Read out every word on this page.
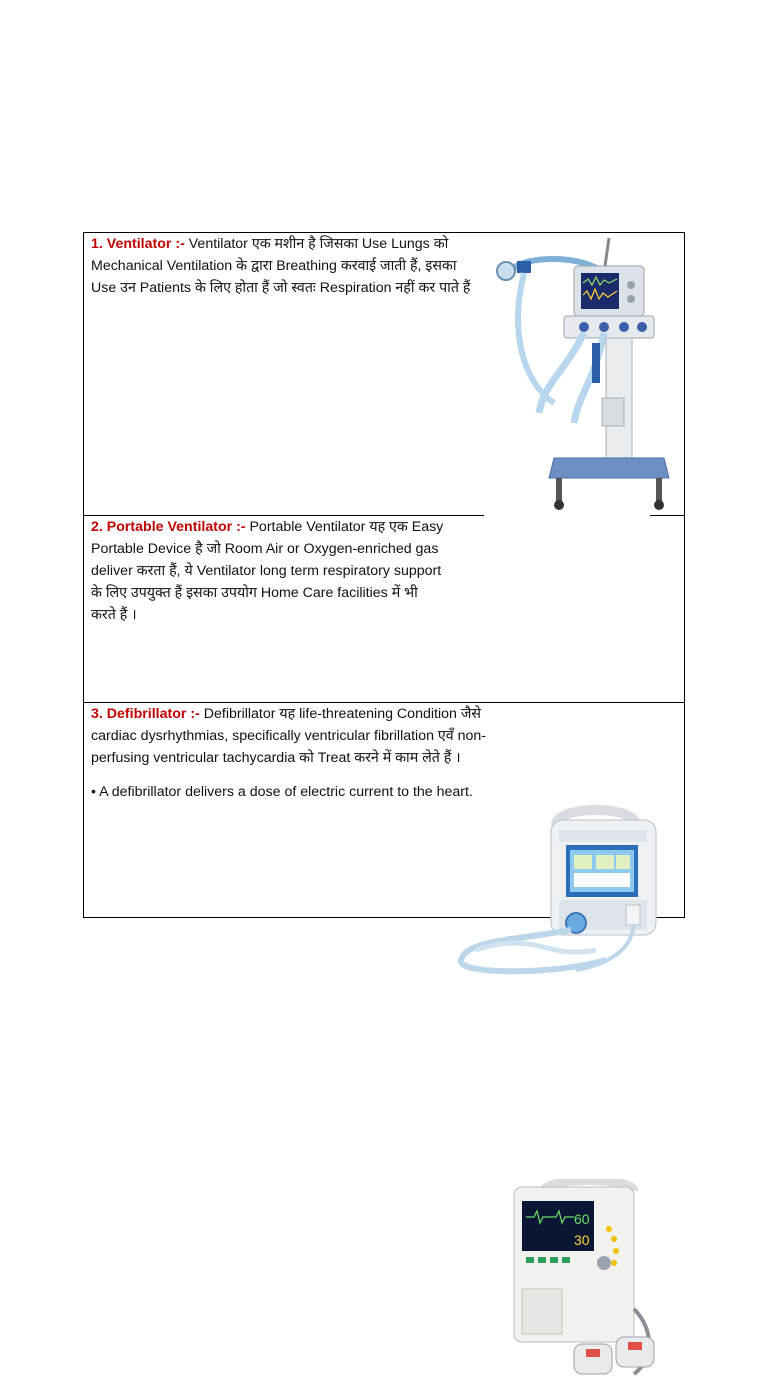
1. Ventilator :- Ventilator एक मशीन है जिसका Use Lungs को Mechanical Ventilation के द्वारा Breathing करवाई जाती हैं, इसका Use उन Patients के लिए होता हैं जो स्वतः Respiration नहीं कर पाते हैं
2. Portable Ventilator :- Portable Ventilator यह एक Easy Portable Device है जो Room Air or Oxygen-enriched gas deliver करता हैं, ये Ventilator long term respiratory support के लिए उपयुक्त हैं इसका उपयोग Home Care facilities में भी करते हैं ।
3. Defibrillator :- Defibrillator यह life-threatening Condition जैसे cardiac dysrhythmias, specifically ventricular fibrillation एवँ non-perfusing ventricular tachycardia को Treat करने में काम लेते हैं ।
• A defibrillator delivers a dose of electric current to the heart.
60
30
